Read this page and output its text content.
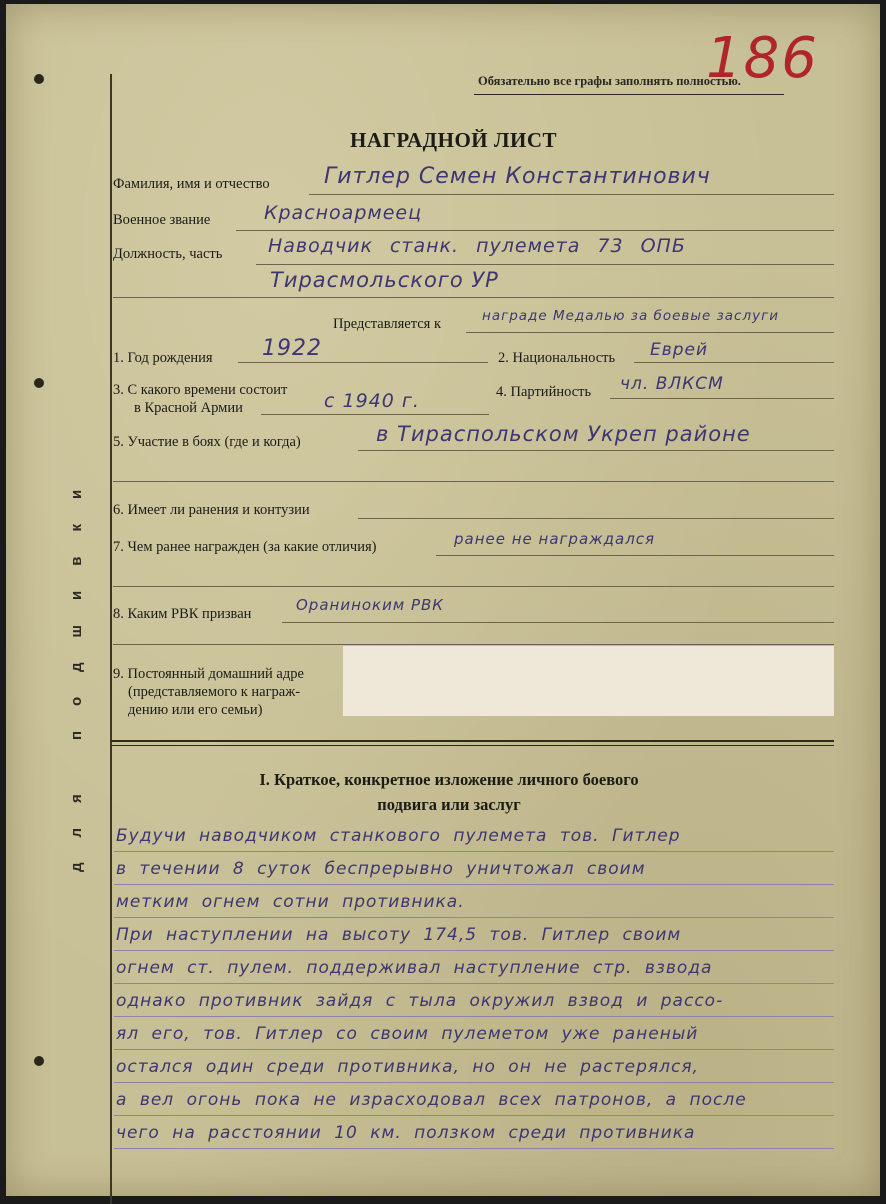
для подшивки
Обязательно все графы заполнять полностью.
186
НАГРАДНОЙ ЛИСТ
Фамилия, имя и отчество Гитлер Семен Константинович
Военное звание	Красноармеец
Должность, часть Наводчик станк. пулемета 73 ОПБ
Тирасмольского УР
Представляется к	награде Медалью за боевые заслуги
1. Год рождения 1922	2. Национальность Еврей
3. С какого времени состоит
в Красной Армии	с 1940 г.	4. Партийность чл. ВЛКСМ
5. Участие в боях (где и когда)	в Тираспольском Укреп районе
6. Имеет ли ранения и контузии
7. Чем ранее награжден (за какие отличия)	ранее не награждался
8. Каким РВК призван	Ораниноким РВК
9. Постоянный домашний адре
(представляемого к награж-
дению или его семьи)
I. Краткое, конкретное изложение личного боевого
подвига или заслуг
Будучи наводчиком станкового пулемета тов. Гитлер
в течении 8 суток беспрерывно уничтожал своим
метким огнем сотни противника.
При наступлении на высоту 174,5 тов. Гитлер своим
огнем ст. пулем. поддерживал наступление стр. взвода
однако противник зайдя с тыла окружил взвод и рассо-
ял его, тов. Гитлер со своим пулеметом уже раненый
остался один среди противника, но он не растерялся,
а вел огонь пока не израсходовал всех патронов, а после
чего на расстоянии 10 км. ползком среди противника
